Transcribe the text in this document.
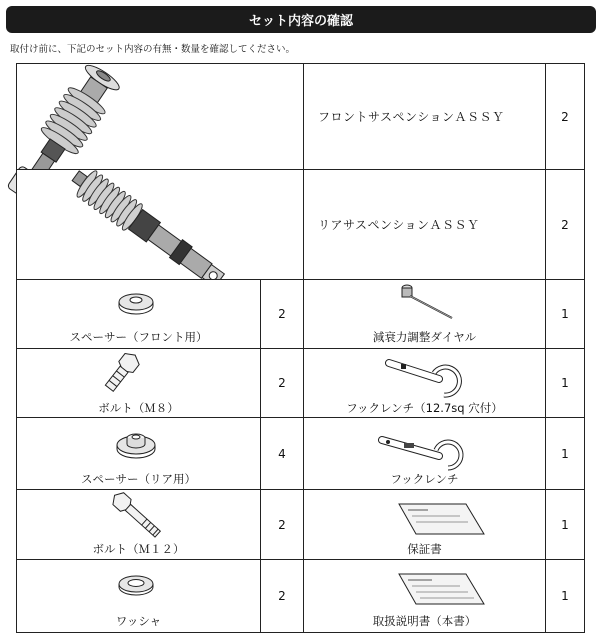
セット内容の確認
取付け前に、下記のセット内容の有無・数量を確認してください。
フロントサスペンションＡＳＳＹ	2
リアサスペンションＡＳＳＹ	2
スペーサー（フロント用）
2
減衰力調整ダイヤル
1
ボルト（Ｍ８）
2
フックレンチ（12.7sq 穴付）
1
スペーサー（リア用）
4
フックレンチ
1
ボルト（Ｍ１２）
2
保証書
1
ワッシャ
2
取扱説明書（本書）
1
